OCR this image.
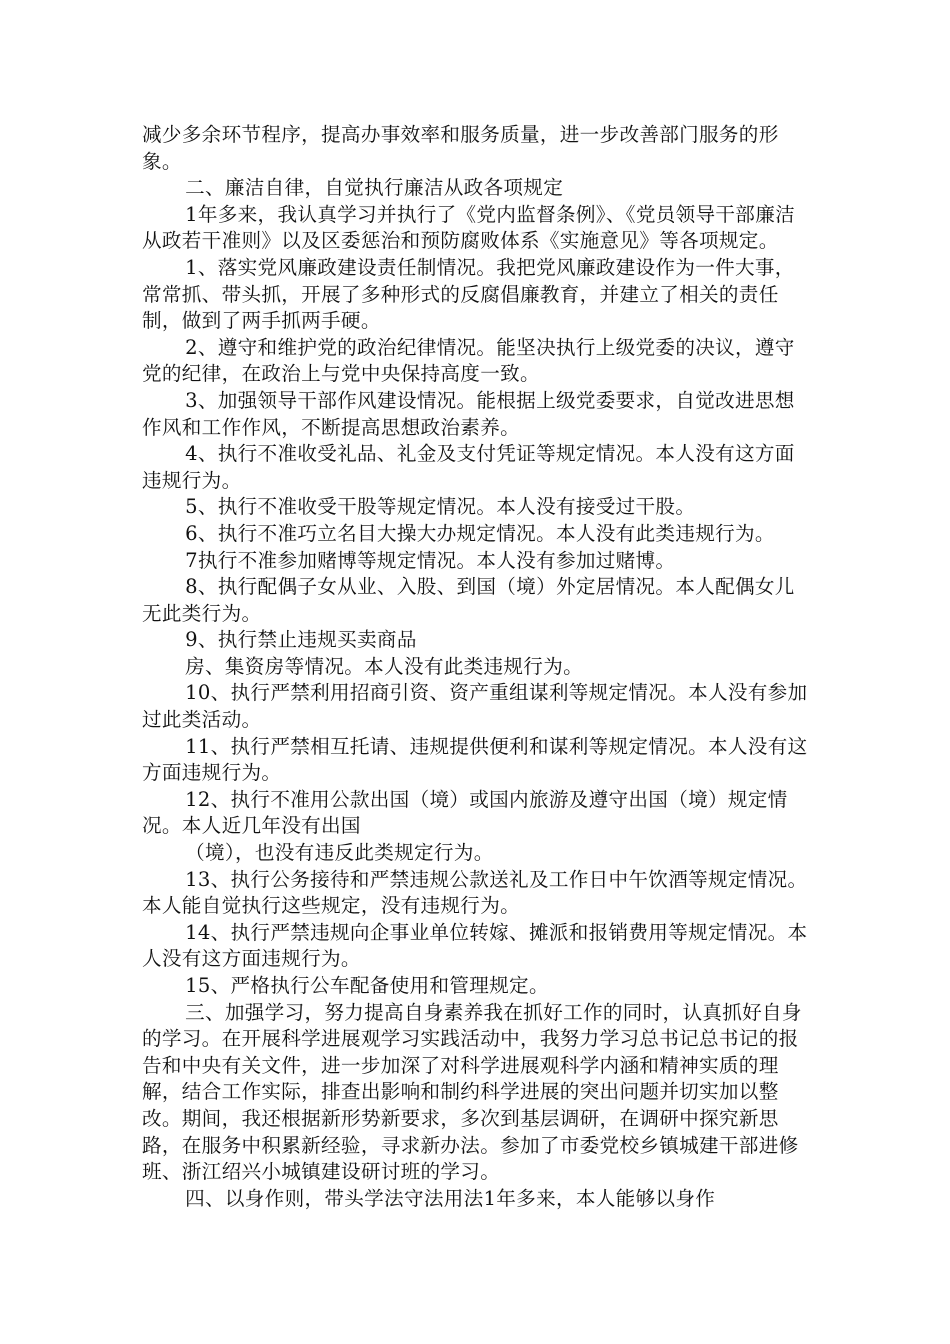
减少多余环节程序，提高办事效率和服务质量，进一步改善部门服务的形象。

二、廉洁自律，自觉执行廉洁从政各项规定

1年多来，我认真学习并执行了《党内监督条例》、《党员领导干部廉洁从政若干准则》以及区委惩治和预防腐败体系《实施意见》等各项规定。

1、落实党风廉政建设责任制情况。我把党风廉政建设作为一件大事，常常抓、带头抓，开展了多种形式的反腐倡廉教育，并建立了相关的责任制，做到了两手抓两手硬。

2、遵守和维护党的政治纪律情况。能坚决执行上级党委的决议，遵守党的纪律，在政治上与党中央保持高度一致。

3、加强领导干部作风建设情况。能根据上级党委要求，自觉改进思想作风和工作作风，不断提高思想政治素养。

4、执行不准收受礼品、礼金及支付凭证等规定情况。本人没有这方面违规行为。

5、执行不准收受干股等规定情况。本人没有接受过干股。

6、执行不准巧立名目大操大办规定情况。本人没有此类违规行为。

7执行不准参加赌博等规定情况。本人没有参加过赌博。

8、执行配偶子女从业、入股、到国（境）外定居情况。本人配偶女儿无此类行为。

9、执行禁止违规买卖商品

房、集资房等情况。本人没有此类违规行为。

10、执行严禁利用招商引资、资产重组谋利等规定情况。本人没有参加过此类活动。

11、执行严禁相互托请、违规提供便利和谋利等规定情况。本人没有这方面违规行为。

12、执行不准用公款出国（境）或国内旅游及遵守出国（境）规定情况。本人近几年没有出国

（境），也没有违反此类规定行为。

13、执行公务接待和严禁违规公款送礼及工作日中午饮酒等规定情况。本人能自觉执行这些规定，没有违规行为。

14、执行严禁违规向企事业单位转嫁、摊派和报销费用等规定情况。本人没有这方面违规行为。

15、严格执行公车配备使用和管理规定。

三、加强学习，努力提高自身素养我在抓好工作的同时，认真抓好自身的学习。在开展科学进展观学习实践活动中，我努力学习总书记总书记的报告和中央有关文件，进一步加深了对科学进展观科学内涵和精神实质的理解，结合工作实际，排查出影响和制约科学进展的突出问题并切实加以整改。期间，我还根据新形势新要求，多次到基层调研，在调研中探究新思路，在服务中积累新经验，寻求新办法。参加了市委党校乡镇城建干部进修班、浙江绍兴小城镇建设研讨班的学习。

四、以身作则，带头学法守法用法1年多来，本人能够以身作
